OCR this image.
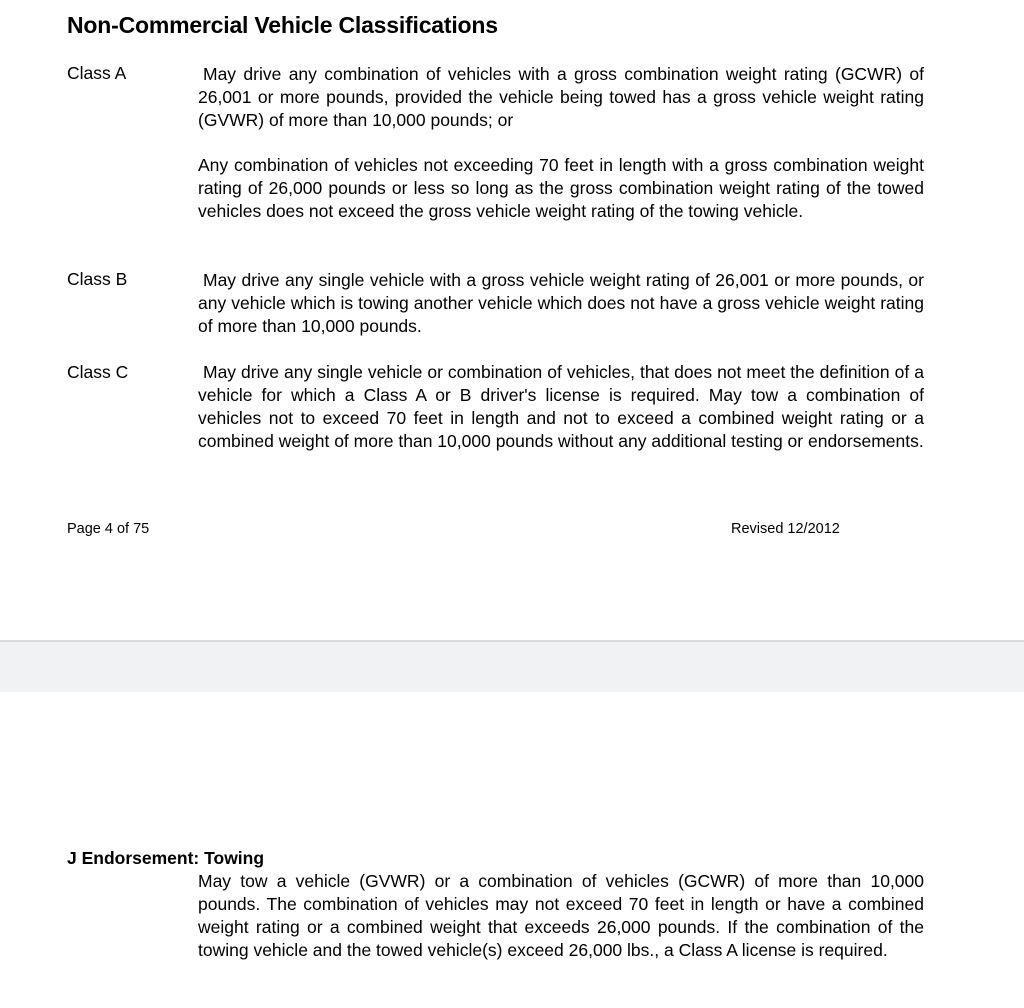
Non-Commercial Vehicle Classifications
Class A	May drive any combination of vehicles with a gross combination weight rating (GCWR) of 26,001 or more pounds, provided the vehicle being towed has a gross vehicle weight rating (GVWR) of more than 10,000 pounds; or
Any combination of vehicles not exceeding 70 feet in length with a gross combination weight rating of 26,000 pounds or less so long as the gross combination weight rating of the towed vehicles does not exceed the gross vehicle weight rating of the towing vehicle.
Class B	May drive any single vehicle with a gross vehicle weight rating of 26,001 or more pounds, or any vehicle which is towing another vehicle which does not have a gross vehicle weight rating of more than 10,000 pounds.
Class C	May drive any single vehicle or combination of vehicles, that does not meet the definition of a vehicle for which a Class A or B driver's license is required. May tow a combination of vehicles not to exceed 70 feet in length and not to exceed a combined weight rating or a combined weight of more than 10,000 pounds without any additional testing or endorsements.
Page 4 of 75	Revised 12/2012
J Endorsement: Towing
May tow a vehicle (GVWR) or a combination of vehicles (GCWR) of more than 10,000 pounds. The combination of vehicles may not exceed 70 feet in length or have a combined weight rating or a combined weight that exceeds 26,000 pounds. If the combination of the towing vehicle and the towed vehicle(s) exceed 26,000 lbs., a Class A license is required.
